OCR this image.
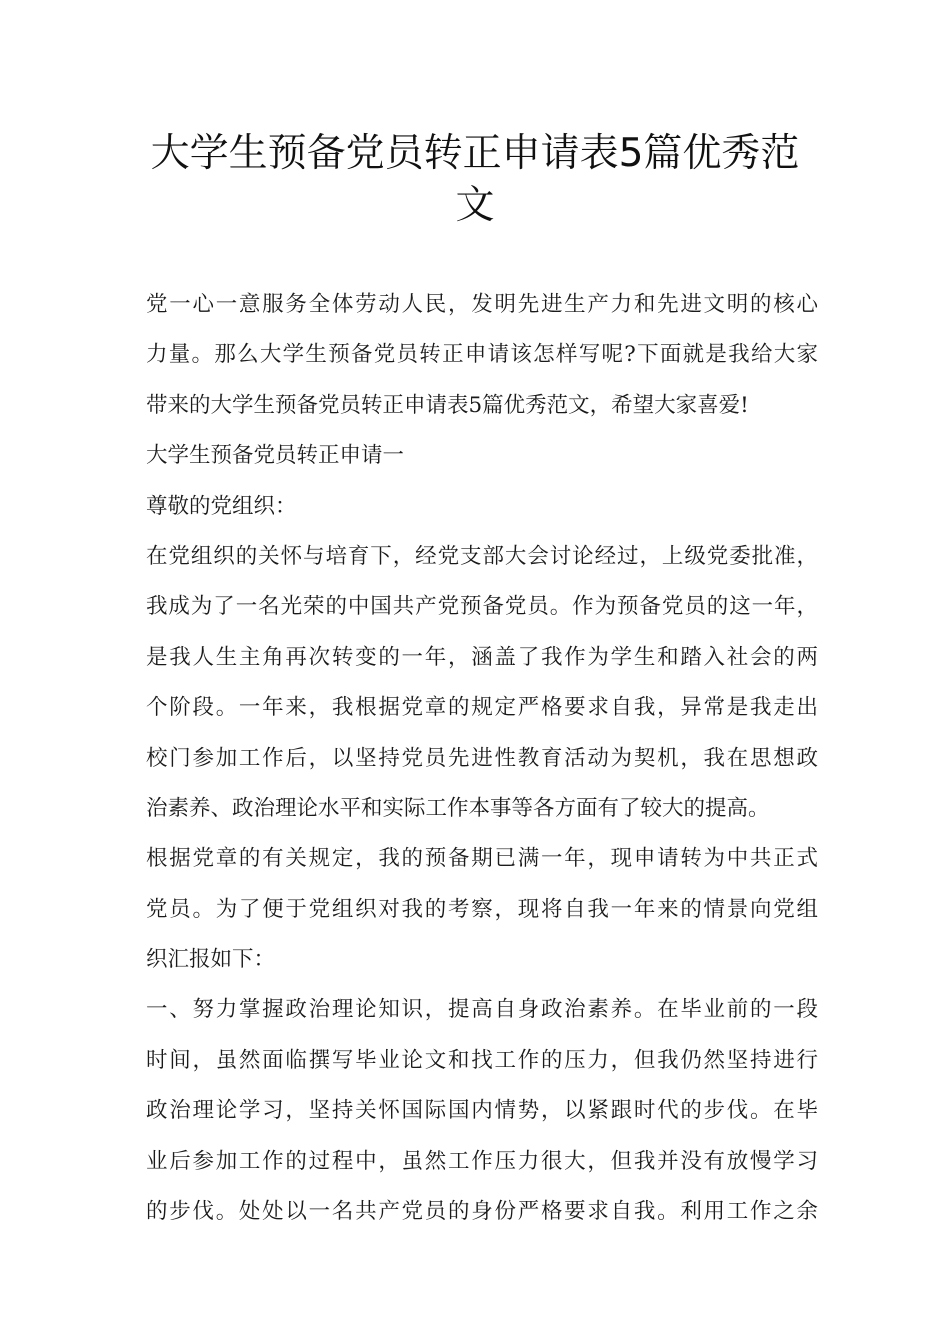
大学生预备党员转正申请表5篇优秀范
文
党一心一意服务全体劳动人民，发明先进生产力和先进文明的核心
力量。那么大学生预备党员转正申请该怎样写呢?下面就是我给大家
带来的大学生预备党员转正申请表5篇优秀范文，希望大家喜爱!
大学生预备党员转正申请一
尊敬的党组织：
在党组织的关怀与培育下，经党支部大会讨论经过，上级党委批准，
我成为了一名光荣的中国共产党预备党员。作为预备党员的这一年，
是我人生主角再次转变的一年，涵盖了我作为学生和踏入社会的两
个阶段。一年来，我根据党章的规定严格要求自我，异常是我走出
校门参加工作后，以坚持党员先进性教育活动为契机，我在思想政
治素养、政治理论水平和实际工作本事等各方面有了较大的提高。
根据党章的有关规定，我的预备期已满一年，现申请转为中共正式
党员。为了便于党组织对我的考察，现将自我一年来的情景向党组
织汇报如下：
一、努力掌握政治理论知识，提高自身政治素养。在毕业前的一段
时间，虽然面临撰写毕业论文和找工作的压力，但我仍然坚持进行
政治理论学习，坚持关怀国际国内情势，以紧跟时代的步伐。在毕
业后参加工作的过程中，虽然工作压力很大，但我并没有放慢学习
的步伐。处处以一名共产党员的身份严格要求自我。利用工作之余
